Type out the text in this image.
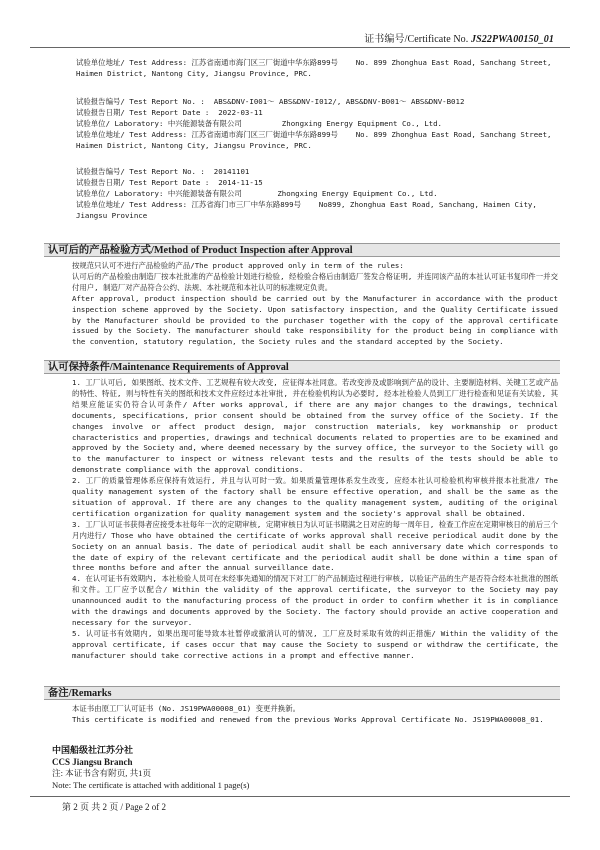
证书编号/Certificate No. JS22PWA00150_01

试验单位地址/ Test Address: 江苏省南通市海门区三厂街道中华东路899号    No. 899 Zhonghua East Road, Sanchang Street, Haimen District, Nantong City, Jiangsu Province, PRC.

试验报告编号/ Test Report No. :  ABS&DNV-I001～ ABS&DNV-I012/, ABS&DNV-B001～ ABS&DNV-B012

试验报告日期/ Test Report Date :  2022-03-11

试验单位/ Laboratory: 中兴能源装备有限公司         Zhongxing Energy Equipment Co., Ltd.

试验单位地址/ Test Address: 江苏省南通市海门区三厂街道中华东路899号    No. 899 Zhonghua East Road, Sanchang Street, Haimen District, Nantong City, Jiangsu Province, PRC.

试验报告编号/ Test Report No. :  20141101

试验报告日期/ Test Report Date :  2014-11-15

试验单位/ Laboratory: 中兴能源装备有限公司        Zhongxing Energy Equipment Co., Ltd.

试验单位地址/ Test Address: 江苏省海门市三厂中华东路899号    No899, Zhonghua East Road, Sanchang, Haimen City, Jiangsu Province

认可后的产品检验方式/Method of Product Inspection after Approval

按规范只认可不进行产品检验的产品/The product approved only in term of the rules:
认可后的产品检验由制造厂按本社批准的产品检验计划进行检验, 经检验合格后由制造厂签发合格证明, 并连同该产品的本社认可证书复印件一并交付用户, 制造厂对产品符合公约、法规、本社规范和本社认可的标准规定负责。
After approval, product inspection should be carried out by the Manufacturer in accordance with the product inspection scheme approved by the Society. Upon satisfactory inspection, and the Quality Certificate issued by the Manufacturer should be provided to the purchaser together with the copy of the approval certificate issued by the Society. The manufacturer should take responsibility for the product being in compliance with the convention, statutory regulation, the Society rules and the standard accepted by the Society.

认可保持条件/Maintenance Requirements of Approval

1. 工厂认可后, 如果图纸、技术文件、工艺规程有较大改变, 应征得本社同意。若改变涉及或影响到产品的设计、主要制造材料、关键工艺或产品的特性、特征, 则与特性有关的图纸和技术文件应经过本社审批, 并在检验机构认为必要时, 经本社检验人员到工厂进行检查和见证有关试验, 其结果应能证实仍符合认可条件/ After works approval, if there are any major changes to the drawings, technical documents, specifications, prior consent should be obtained from the survey office of the Society. If the changes involve or affect product design, major construction materials, key workmanship or product characteristics and properties, drawings and technical documents related to properties are to be examined and approved by the Society and, where deemed necessary by the survey office, the surveyor to the Society will go to the manufacturer to inspect or witness relevant tests and the results of the tests should be able to demonstrate compliance with the approval conditions.

2. 工厂的质量管理体系应保持有效运行, 并且与认可时一致。如果质量管理体系发生改变, 应经本社认可检验机构审核并报本社批准/ The quality management system of the factory shall be ensure effective operation, and shall be the same as the situation of approval. If there are any changes to the quality management system, auditing of the original certification organization for quality management system and the society's approval shall be obtained.

3. 工厂认可证书获得者应接受本社每年一次的定期审核, 定期审核日为认可证书期满之日对应的每一周年日, 检查工作应在定期审核日的前后三个月内进行/ Those who have obtained the certificate of works approval shall receive periodical audit done by the Society on an annual basis. The date of periodical audit shall be each anniversary date which corresponds to the date of expiry of the relevant certificate and the periodical audit shall be done within a time span of three months before and after the annual surveillance date.

4. 在认可证书有效期内, 本社检验人员可在未经事先通知的情况下对工厂的产品制造过程进行审核, 以验证产品的生产是否符合经本社批准的图纸和文件。工厂应予以配合/ Within the validity of the approval certificate, the surveyor to the Society may pay unannounced audit to the manufacturing process of the product in order to confirm whether it is in compliance with the drawings and documents approved by the Society. The factory should provide an active cooperation and necessary for the surveyor.

5. 认可证书有效期内, 如果出现可能导致本社暂停或撤消认可的情况, 工厂应及时采取有效的纠正措施/ Within the validity of the approval certificate, if cases occur that may cause the Society to suspend or withdraw the certificate, the manufacturer should take corrective actions in a prompt and effective manner.

备注/Remarks

本证书由原工厂认可证书 (No. JS19PWA00008_01) 变更并换新。
This certificate is modified and renewed from the previous Works Approval Certificate No. JS19PWA00008_01.

中国船级社江苏分社
CCS Jiangsu Branch
注: 本证书含有附页, 共1页
Note: The certificate is attached with additional 1 page(s)
第 2 页 共 2 页 / Page 2 of 2
